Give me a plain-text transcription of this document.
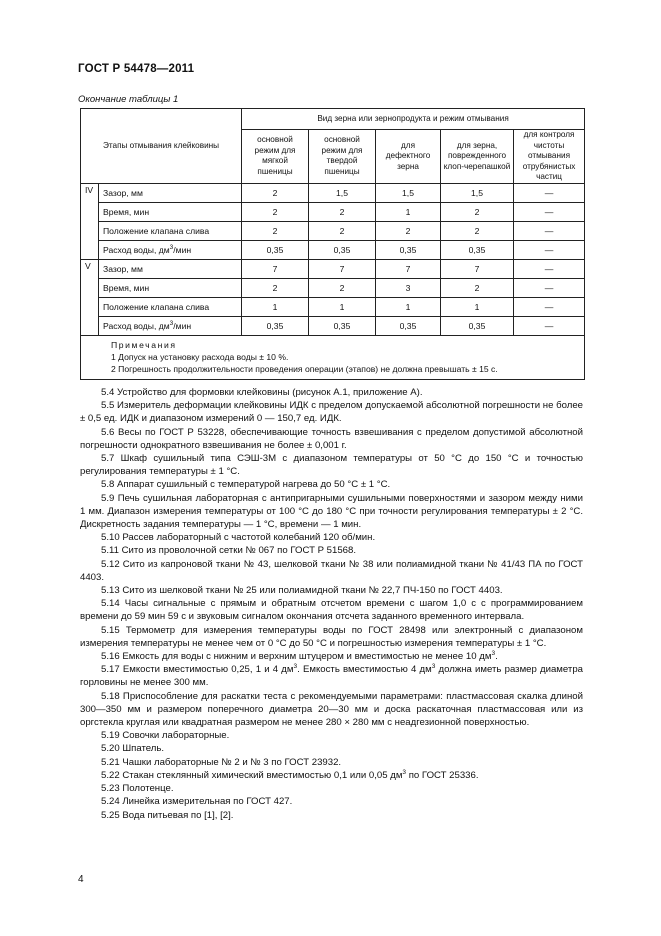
ГОСТ Р 54478—2011
Окончание таблицы 1
Этапы отмывания клейковины		Вид зерна или зернопродукта и режим отмывания				
		основной режим для мягкой пшеницы	основной режим для твердой пшеницы	для дефектного зерна	для зерна, поврежденного клоп-черепашкой	для контроля чистоты отмывания отрубянистых частиц
IV	Зазор, мм	2	1,5	1,5	1,5	—
	Время, мин	2	2	1	2	—
	Положение клапана слива	2	2	2	2	—
	Расход воды, $дм^3$/мин	0,35	0,35	0,35	0,35	—
V	Зазор, мм	7	7	7	7	—
	Время, мин	2	2	3	2	—
	Положение клапана слива	1	1	1	1	—
	Расход воды, $дм^3$/мин	0,35	0,35	0,35	0,35	—

Примечания
1 Допуск на установку расхода воды ± 10 %.
2 Погрешность продолжительности проведения операции (этапов) не должна превышать ± 15 с.						

5.4 Устройство для формовки клейковины (рисунок А.1, приложение А).

5.5 Измеритель деформации клейковины ИДК с пределом допускаемой абсолютной погрешности не более ± 0,5 ед. ИДК и диапазоном измерений 0 — 150,7 ед. ИДК.

5.6 Весы по ГОСТ Р 53228, обеспечивающие точность взвешивания с пределом допустимой абсолютной погрешности однократного взвешивания не более ± 0,001 г.

5.7 Шкаф сушильный типа СЭШ-3М с диапазоном температуры от 50 °С до 150 °С и точностью регулирования температуры ± 1 °С.

5.8 Аппарат сушильный с температурой нагрева до 50 °С ± 1 °С.

5.9 Печь сушильная лабораторная с антипригарными сушильными поверхностями и зазором между ними 1 мм. Диапазон измерения температуры от 100 °С до 180 °С при точности регулирования температуры ± 2 °С. Дискретность задания температуры — 1 °С, времени — 1 мин.

5.10 Рассев лабораторный с частотой колебаний 120 об/мин.

5.11 Сито из проволочной сетки № 067 по ГОСТ Р 51568.

5.12 Сито из капроновой ткани № 43, шелковой ткани № 38 или полиамидной ткани № 41/43 ПА по ГОСТ 4403.

5.13 Сито из шелковой ткани № 25 или полиамидной ткани № 22,7 ПЧ-150 по ГОСТ 4403.

5.14 Часы сигнальные с прямым и обратным отсчетом времени с шагом 1,0 с с программированием времени до 59 мин 59 с и звуковым сигналом окончания отсчета заданного временного интервала.

5.15 Термометр для измерения температуры воды по ГОСТ 28498 или электронный с диапазоном измерения температуры не менее чем от 0 °С до 50 °С и погрешностью измерения температуры ± 1 °С.

5.16 Емкость для воды с нижним и верхним штуцером и вместимостью не менее 10 $дм^3$.

5.17 Емкости вместимостью 0,25, 1 и 4 $дм^3$. Емкость вместимостью 4 $дм^3$ должна иметь размер диаметра горловины не менее 300 мм.

5.18 Приспособление для раскатки теста с рекомендуемыми параметрами: пластмассовая скалка длиной 300—350 мм и размером поперечного диаметра 20—30 мм и доска раскаточная пластмассовая или из оргстекла круглая или квадратная размером не менее 280 × 280 мм с неадгезионной поверхностью.

5.19 Совочки лабораторные.

5.20 Шпатель.

5.21 Чашки лабораторные № 2 и № 3 по ГОСТ 23932.

5.22 Стакан стеклянный химический вместимостью 0,1 или 0,05 $дм^3$ по ГОСТ 25336.

5.23 Полотенце.

5.24 Линейка измерительная по ГОСТ 427.

5.25 Вода питьевая по [1], [2].

4
